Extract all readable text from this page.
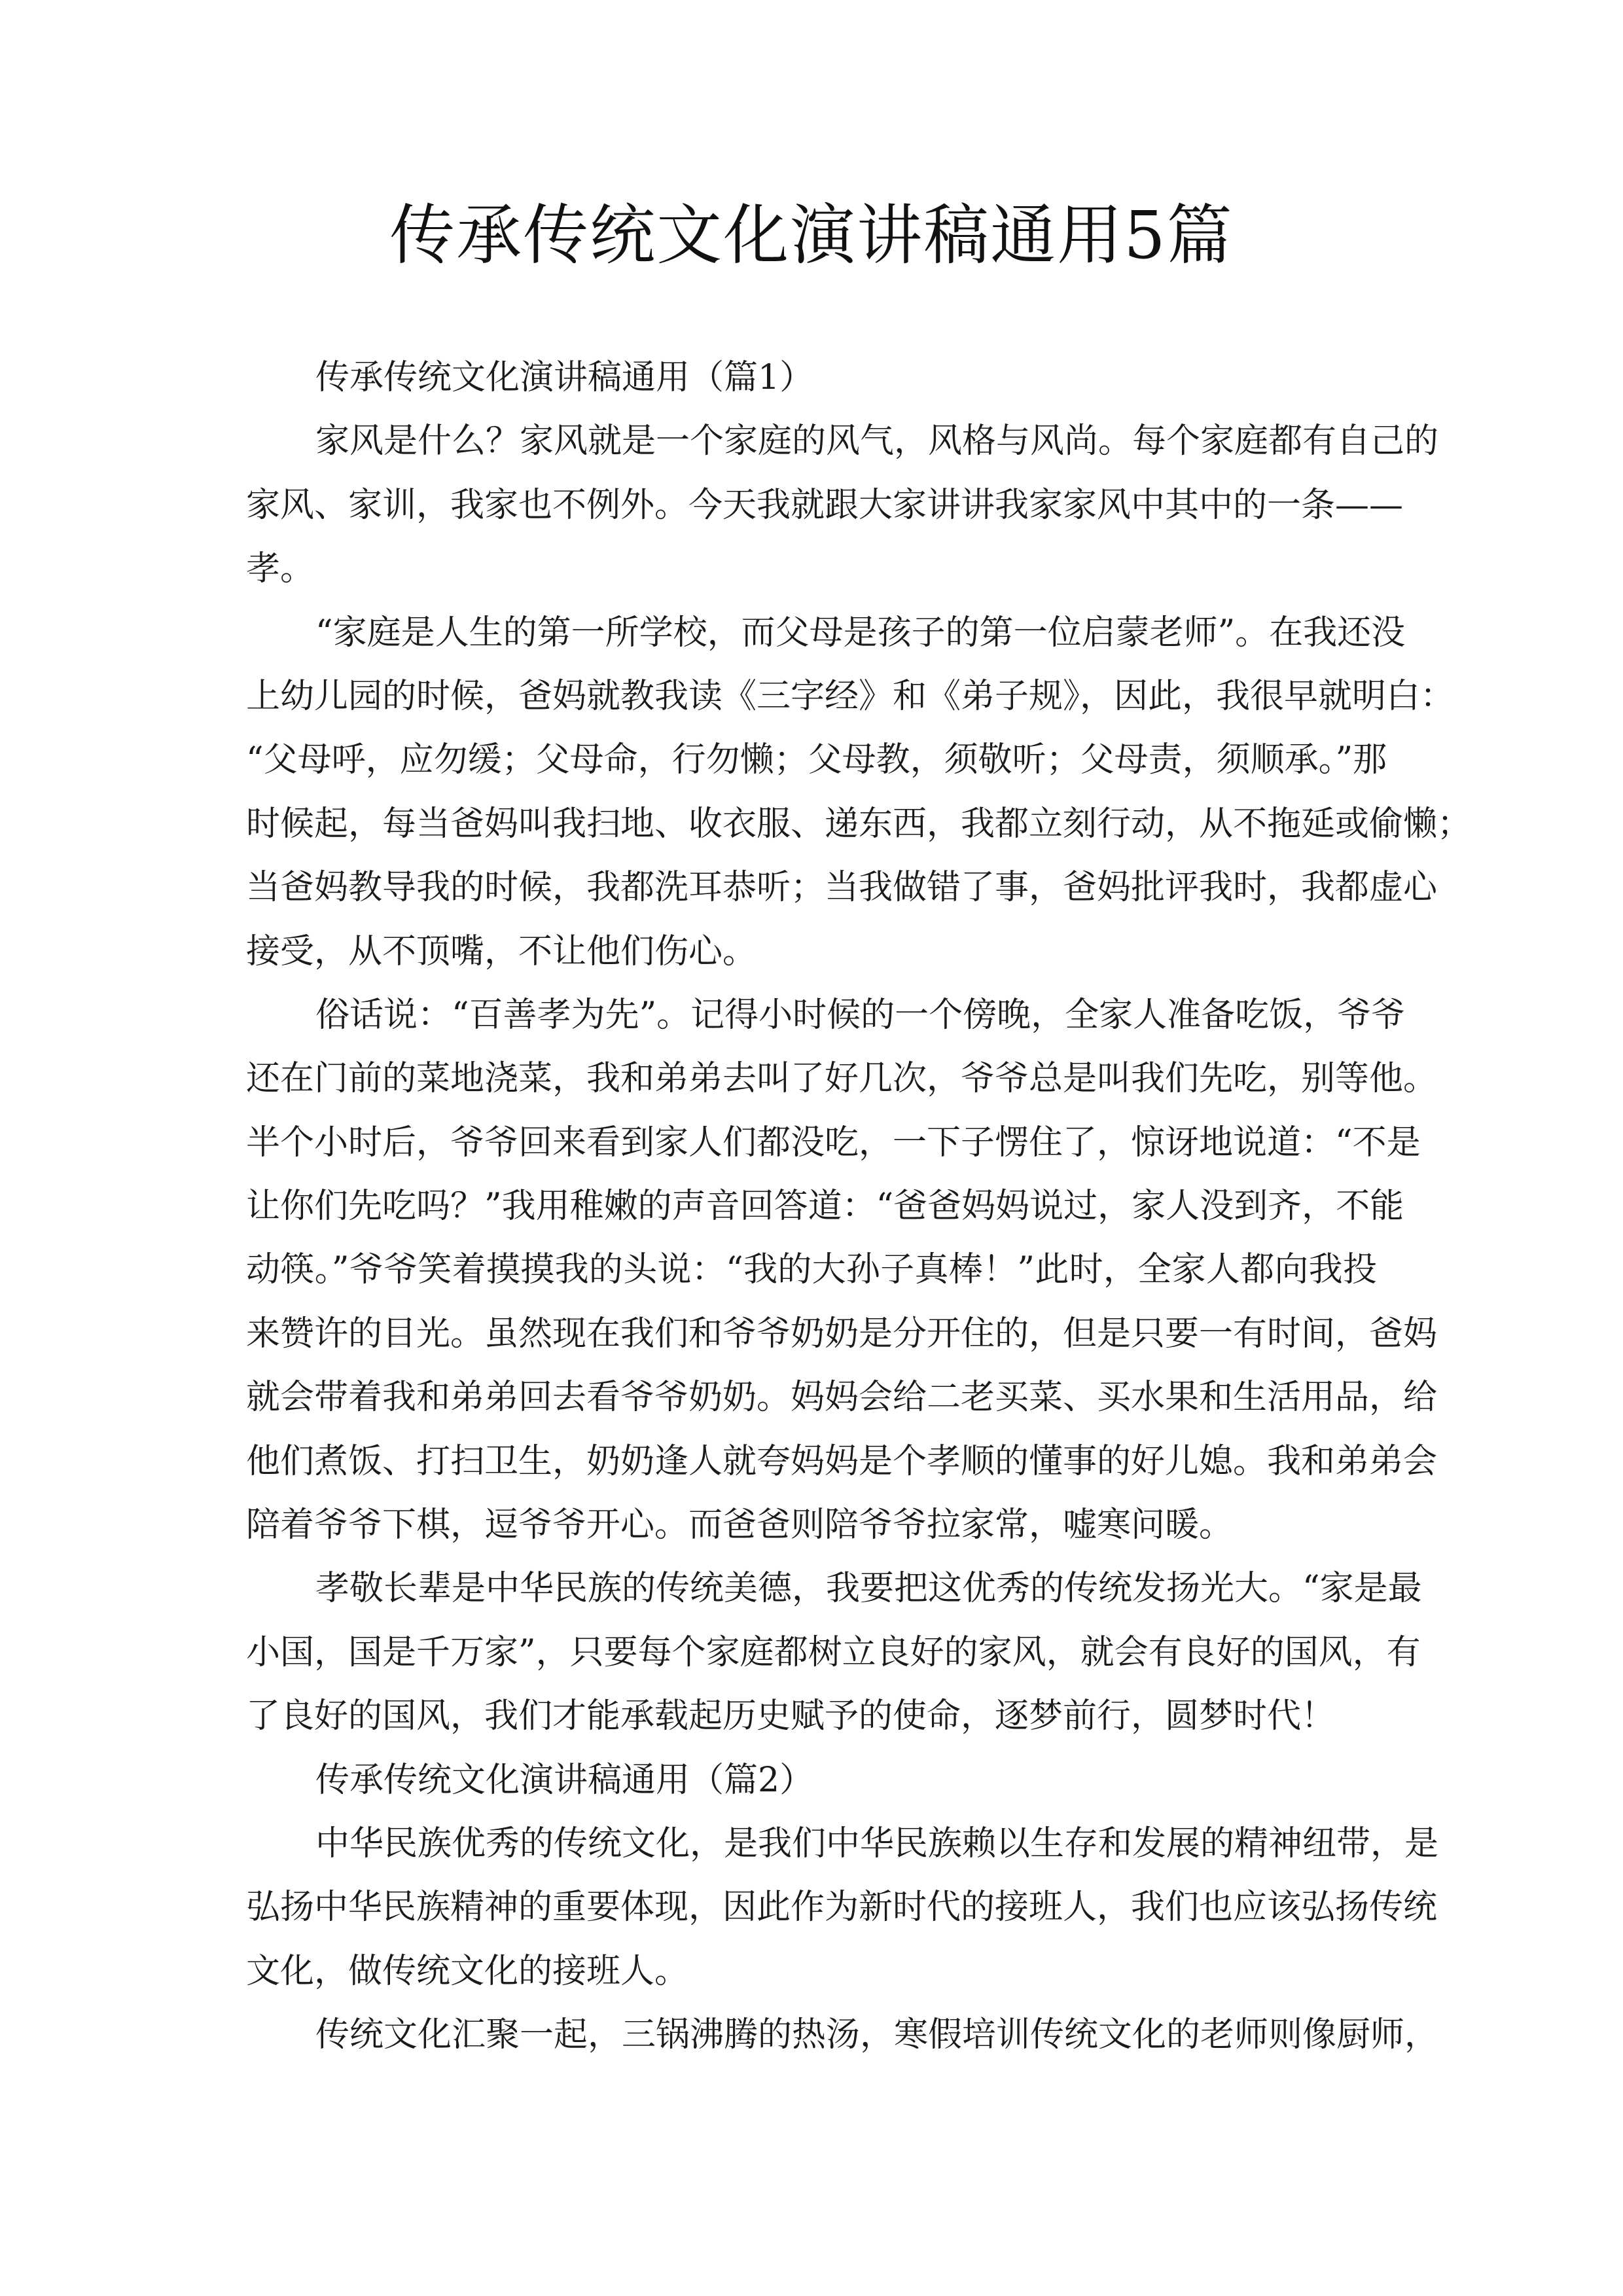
传承传统文化演讲稿通用5篇
传承传统文化演讲稿通用（篇1）
家风是什么？家风就是一个家庭的风气，风格与风尚。每个家庭都有自己的
家风、家训，我家也不例外。今天我就跟大家讲讲我家家风中其中的一条——
孝。
“家庭是人生的第一所学校，而父母是孩子的第一位启蒙老师”。在我还没
上幼儿园的时候，爸妈就教我读《三字经》和《弟子规》，因此，我很早就明白：
“父母呼，应勿缓；父母命，行勿懒；父母教，须敬听；父母责，须顺承。”那
时候起，每当爸妈叫我扫地、收衣服、递东西，我都立刻行动，从不拖延或偷懒；
当爸妈教导我的时候，我都洗耳恭听；当我做错了事，爸妈批评我时，我都虚心
接受，从不顶嘴，不让他们伤心。
俗话说：“百善孝为先”。记得小时候的一个傍晚，全家人准备吃饭，爷爷
还在门前的菜地浇菜，我和弟弟去叫了好几次，爷爷总是叫我们先吃，别等他。
半个小时后，爷爷回来看到家人们都没吃，一下子愣住了，惊讶地说道：“不是
让你们先吃吗？”我用稚嫩的声音回答道：“爸爸妈妈说过，家人没到齐，不能
动筷。”爷爷笑着摸摸我的头说：“我的大孙子真棒！”此时，全家人都向我投
来赞许的目光。虽然现在我们和爷爷奶奶是分开住的，但是只要一有时间，爸妈
就会带着我和弟弟回去看爷爷奶奶。妈妈会给二老买菜、买水果和生活用品，给
他们煮饭、打扫卫生，奶奶逢人就夸妈妈是个孝顺的懂事的好儿媳。我和弟弟会
陪着爷爷下棋，逗爷爷开心。而爸爸则陪爷爷拉家常，嘘寒问暖。
孝敬长辈是中华民族的传统美德，我要把这优秀的传统发扬光大。“家是最
小国，国是千万家”，只要每个家庭都树立良好的家风，就会有良好的国风，有
了良好的国风，我们才能承载起历史赋予的使命，逐梦前行，圆梦时代！
传承传统文化演讲稿通用（篇2）
中华民族优秀的传统文化，是我们中华民族赖以生存和发展的精神纽带，是
弘扬中华民族精神的重要体现，因此作为新时代的接班人，我们也应该弘扬传统
文化，做传统文化的接班人。
传统文化汇聚一起，三锅沸腾的热汤，寒假培训传统文化的老师则像厨师，
